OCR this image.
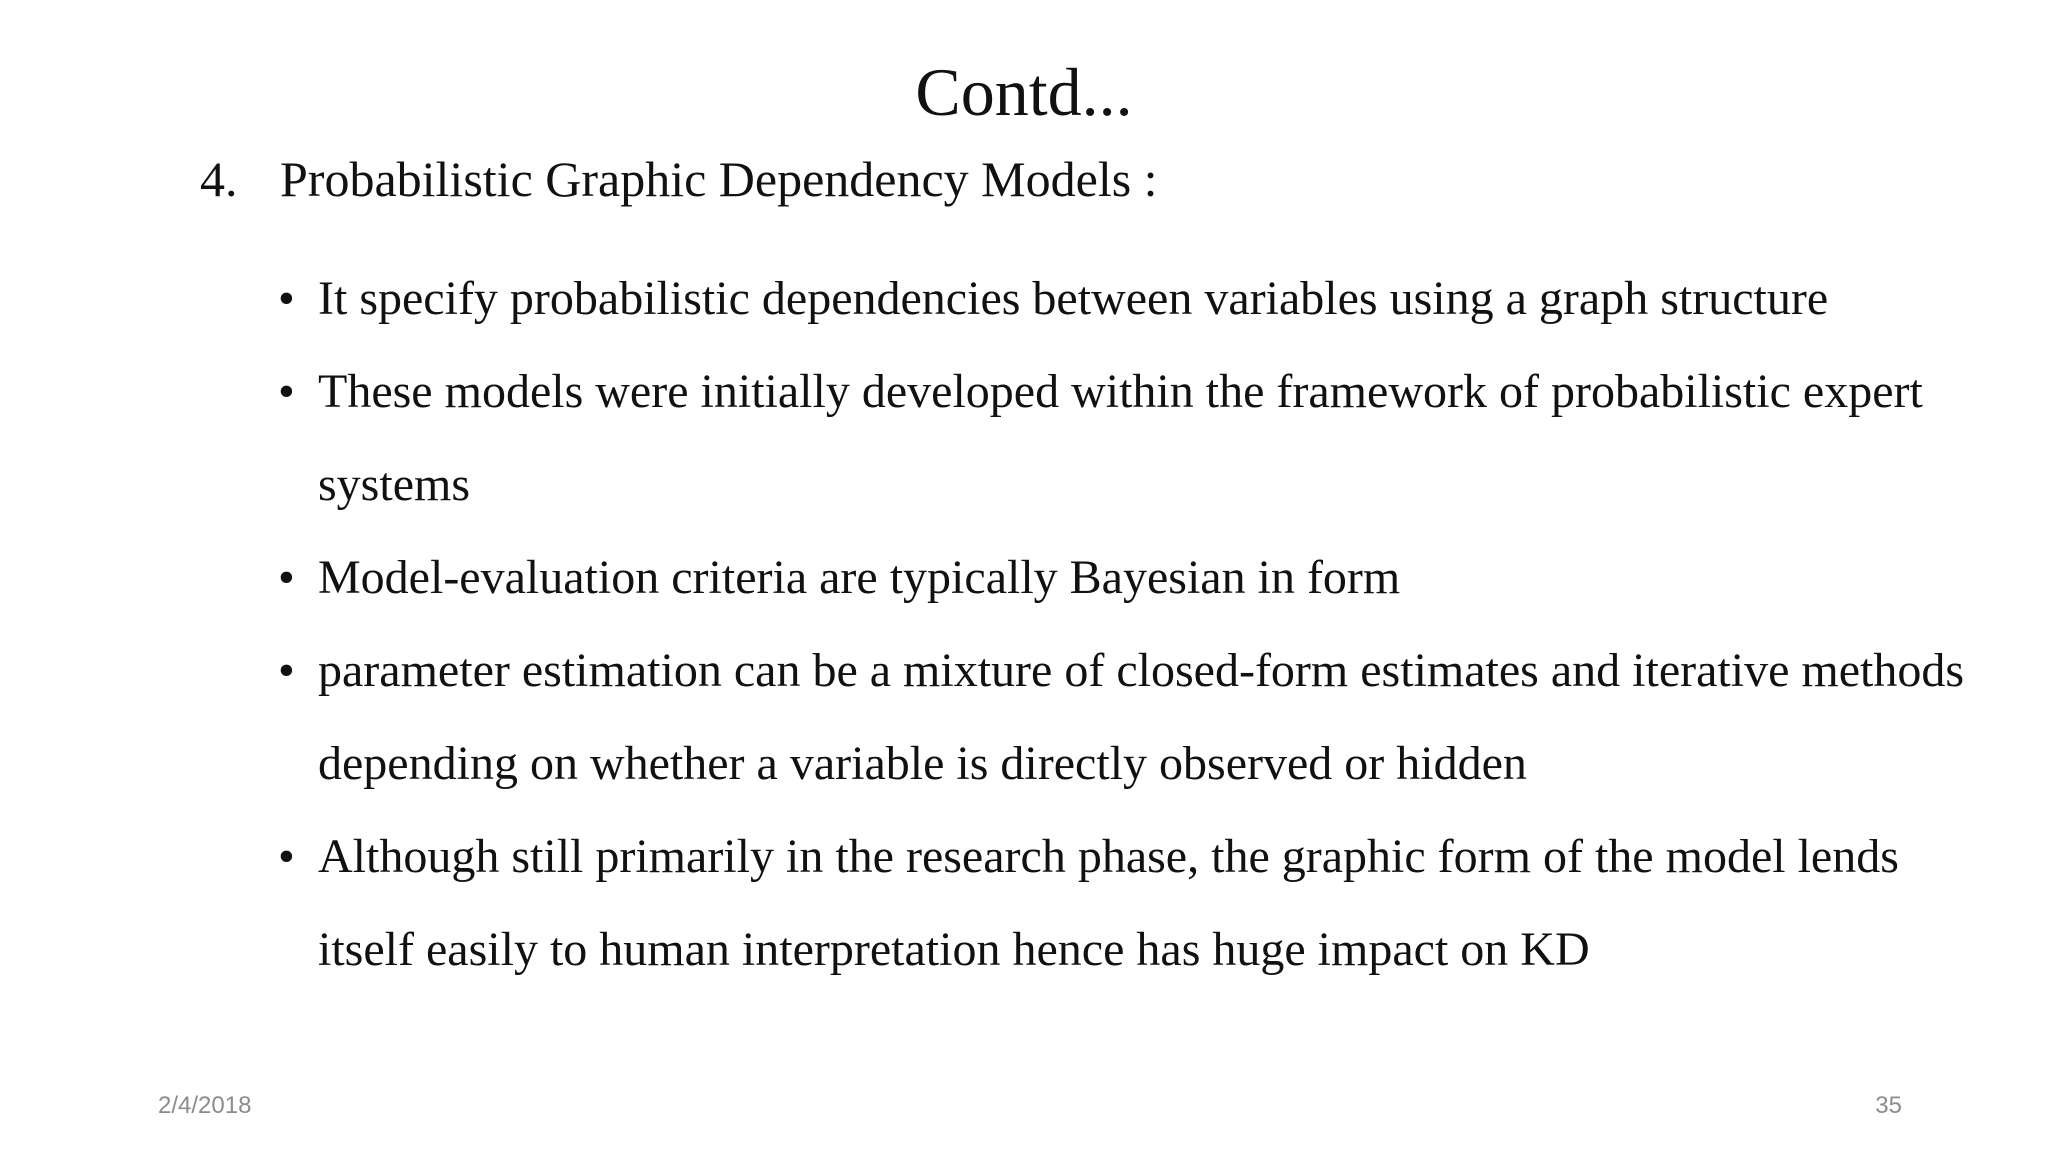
Contd...
4. Probabilistic Graphic Dependency Models :
• It specify probabilistic dependencies between variables using a graph structure
• These models were initially developed within the framework of probabilistic expert systems
• Model-evaluation criteria are typically Bayesian in form
• parameter estimation can be a mixture of closed-form estimates and iterative methods depending on whether a variable is directly observed or hidden
• Although still primarily in the research phase, the graphic form of the model lends itself easily to human interpretation hence has huge impact on KD
2/4/2018	35
